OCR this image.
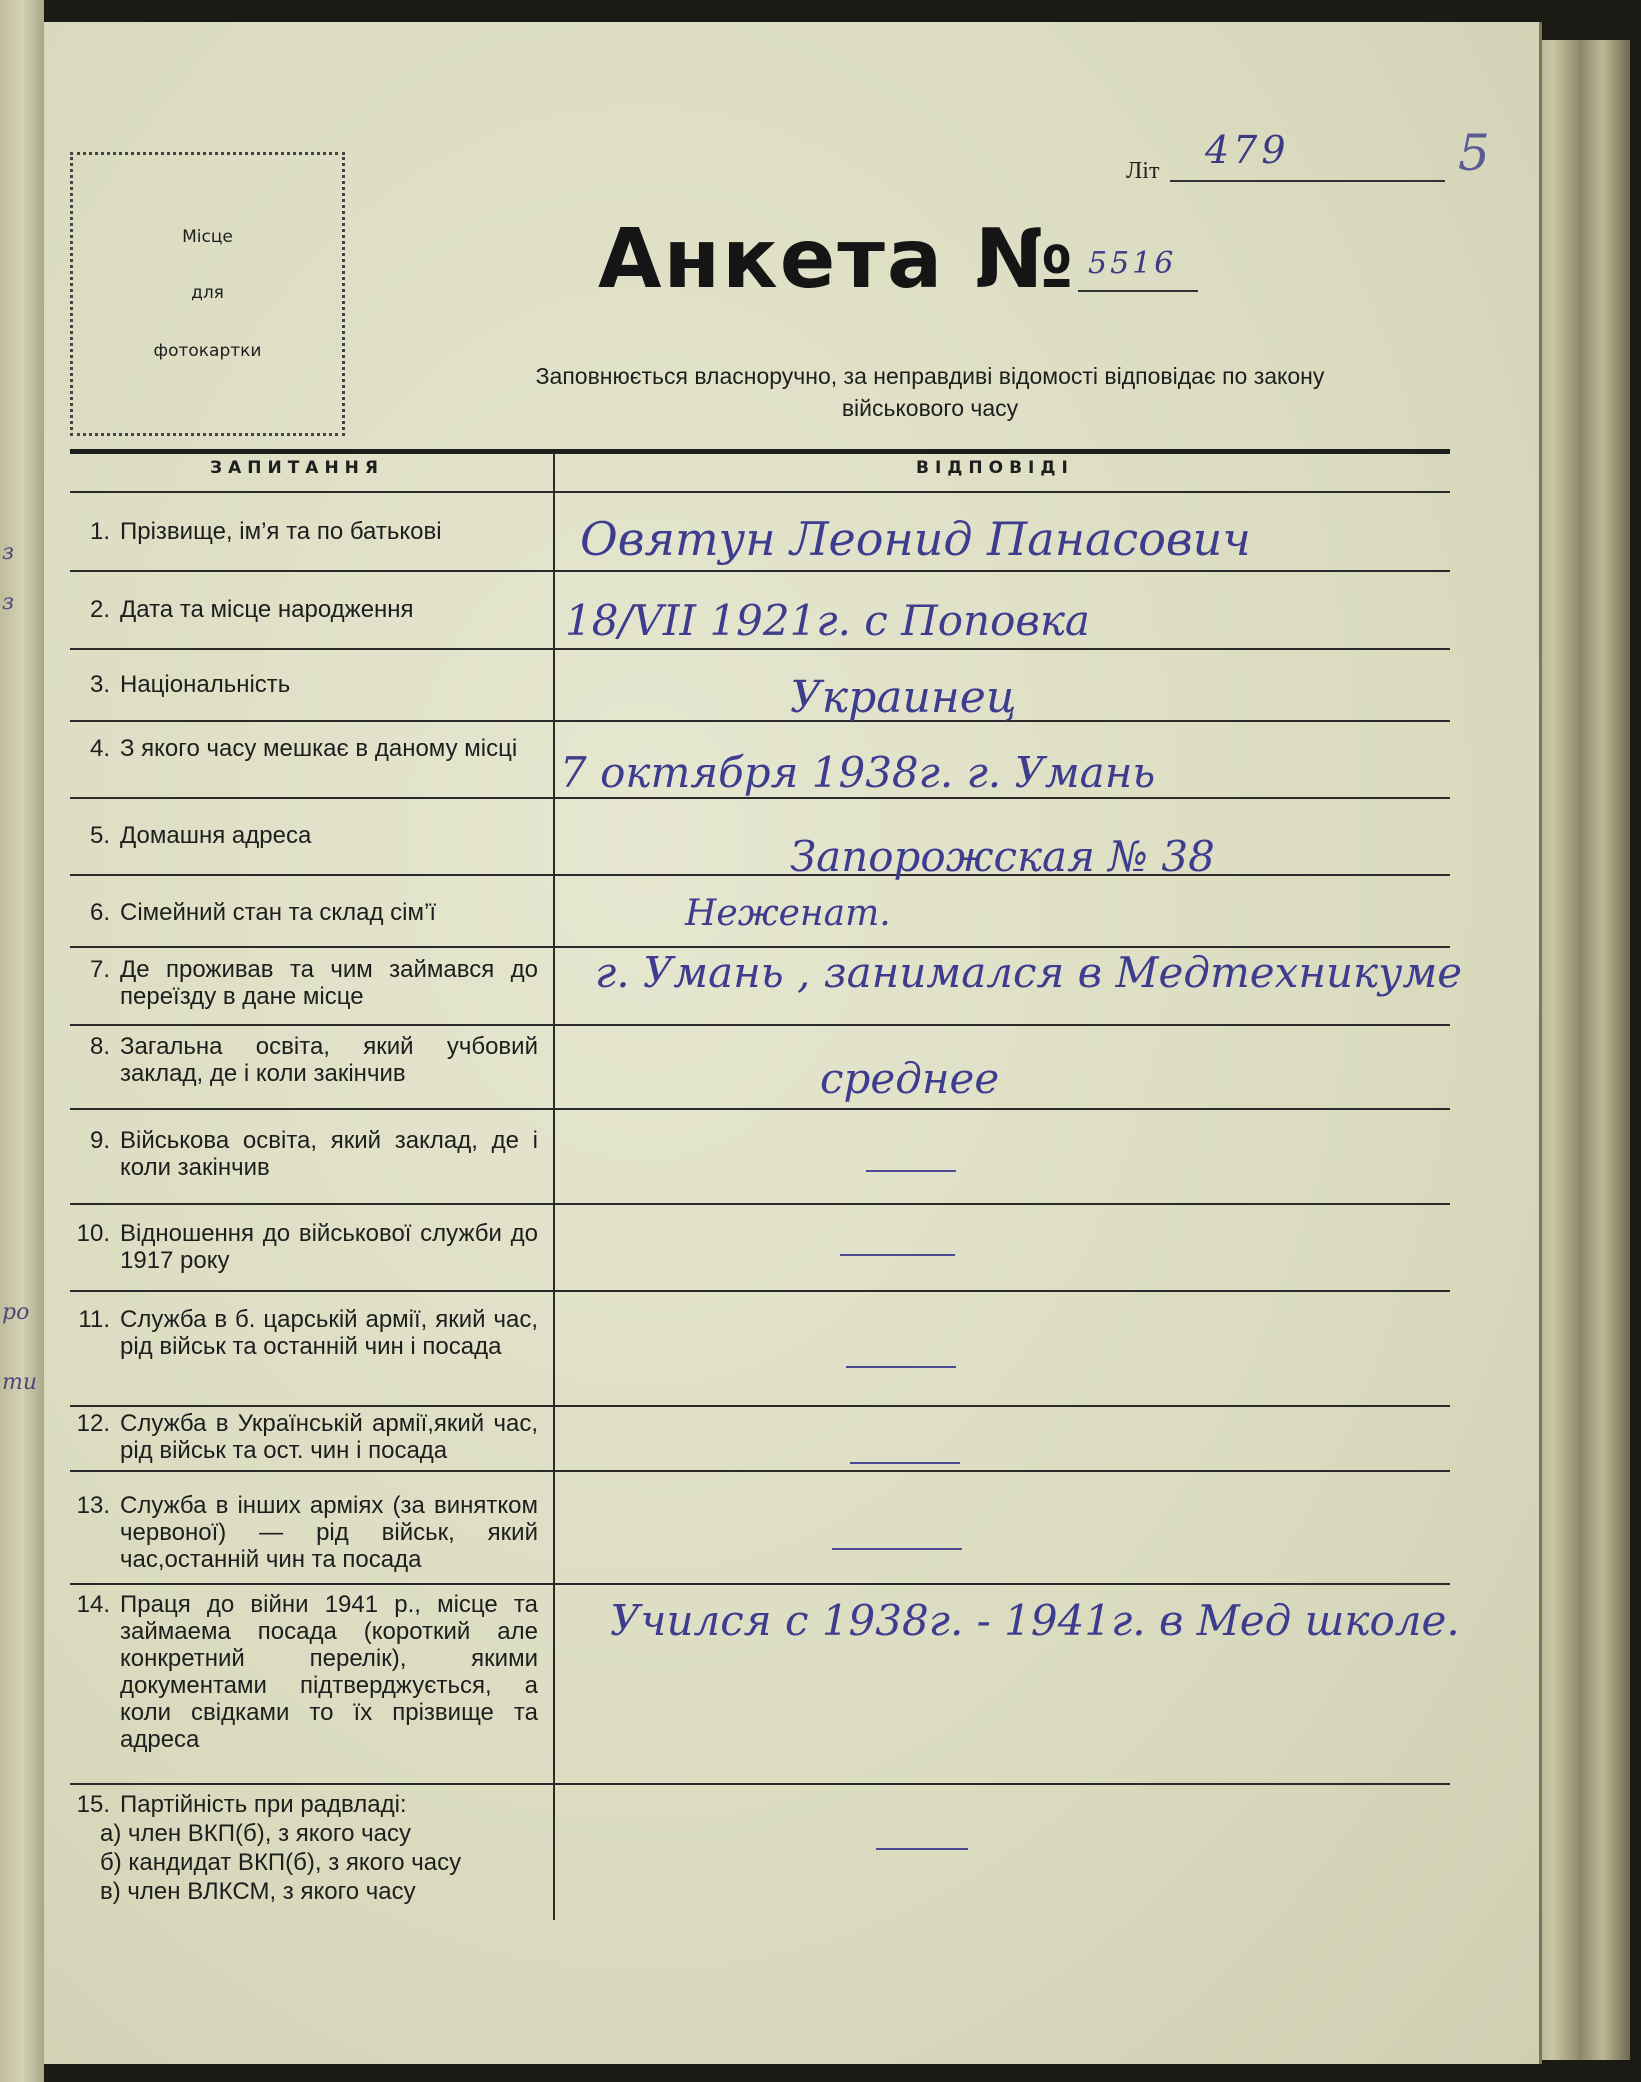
з
з
ро
ти
Місце
для
фотокартки
Літ 479	5
Анкета № 5516
Заповнюється власноручно, за неправдиві відомості відповідає по закону
військового часу
ЗАПИТАННЯ	ВІДПОВІДІ
1. Прізвище, ім’я та по батькові
2. Дата та місце народження
3. Національність
4. З якого часу мешкає в даному місці
5. Домашня адреса
6. Сімейний стан та склад сім’ї
7. Де проживав та чим займався до переїзду в дане місце
8. Загальна освіта, який учбовий заклад, де і коли закінчив
9. Військова освіта, який заклад, де і коли закінчив
10. Відношення до військової служби до 1917 року
11. Служба в б. царській армії, який час, рід військ та останній чин і посада
12. Служба в Українській армії,який час, рід військ та ост. чин і посада
13. Служба в інших арміях (за винятком червоної) — рід військ, який час,останній чин та посада
14. Праця до війни 1941 р., місце та займаема посада (короткий але конкретний перелік), якими документами підтверджується, а коли свідками то їх прізвище та адреса
15. Партійність при радвладі:
а) член ВКП(б), з якого часу
б) кандидат ВКП(б), з якого часу
в) член ВЛКСМ, з якого часу
Овятун Леонид Панасович
18/VII 1921г. с Поповка
Украинец
7 октября 1938г. г. Умань
Запорожская № 38
Неженат.
г. Умань , занимался в Медтехникуме
среднее
Учился с 1938г. - 1941г. в Мед школе.
